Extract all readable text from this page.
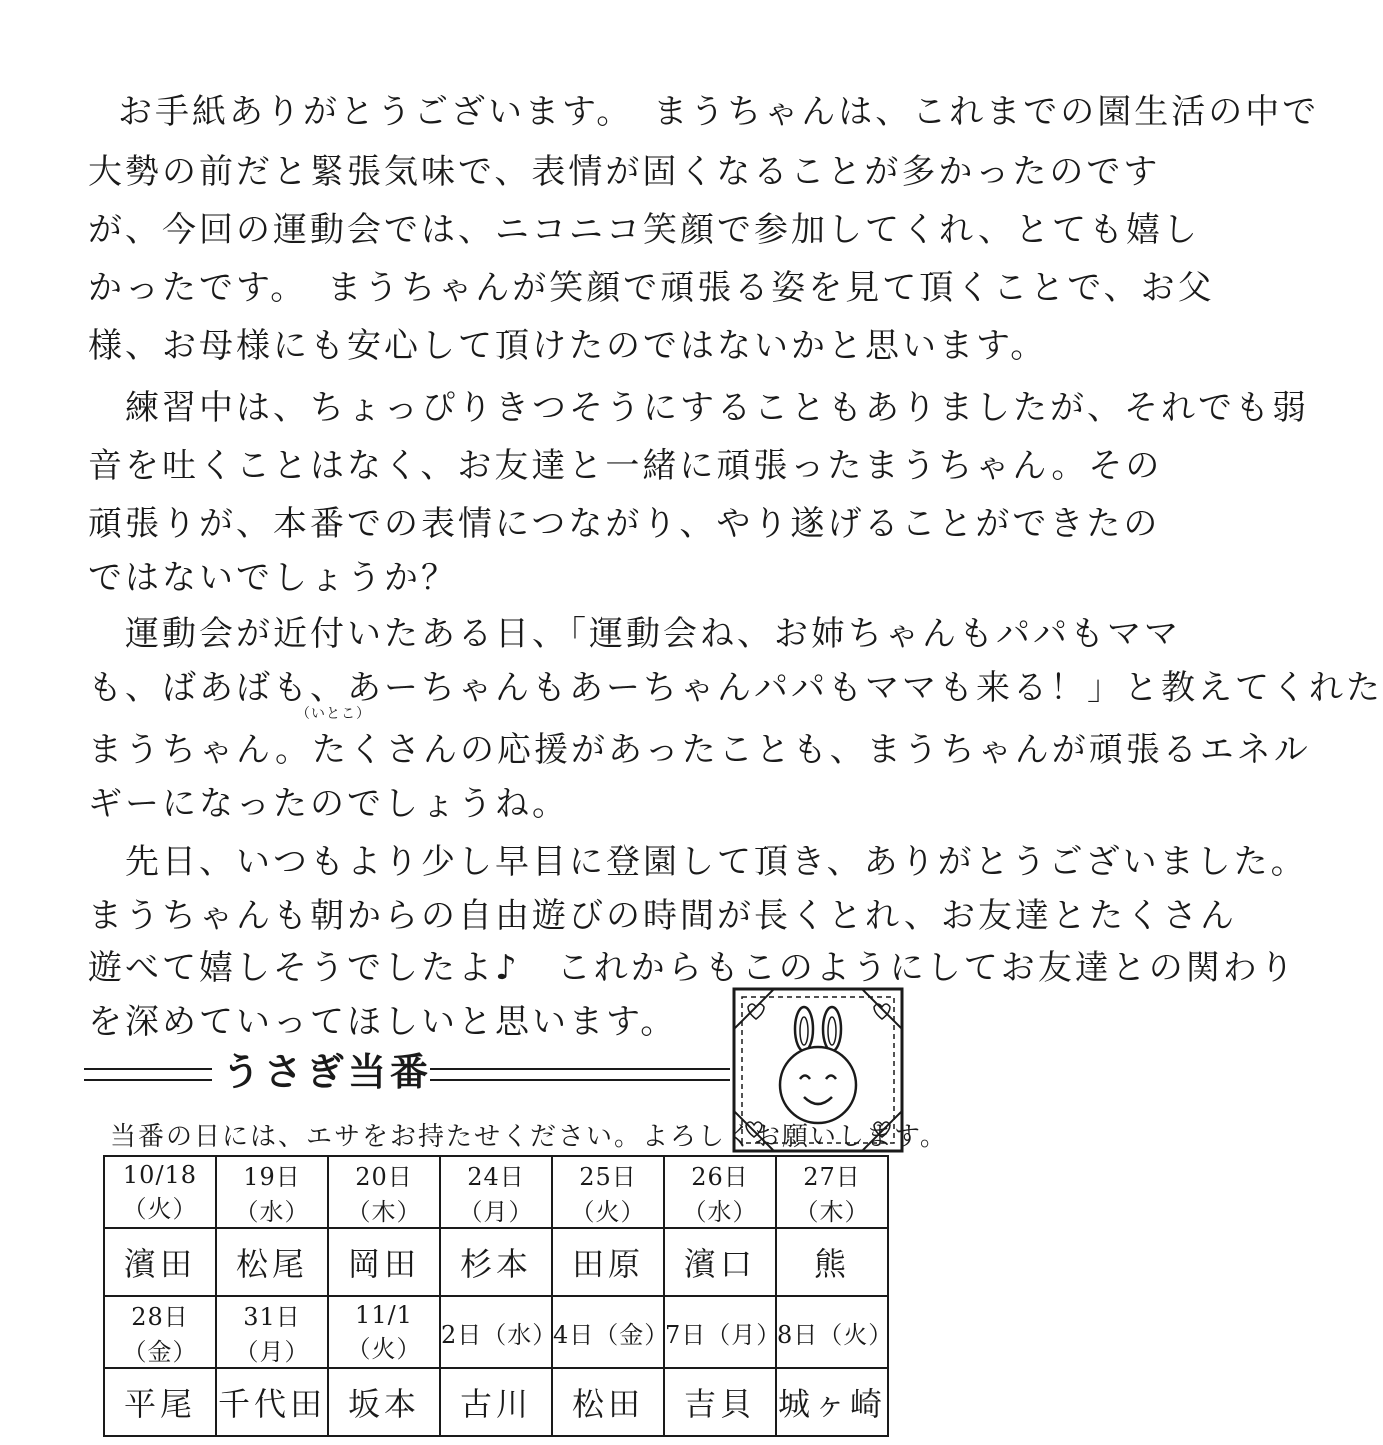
お手紙ありがとうございます。　まうちゃんは、これまでの園生活の中で
大勢の前だと緊張気味で、表情が固くなることが多かったのです
が、今回の運動会では、ニコニコ笑顔で参加してくれ、とても嬉し
かったです。　まうちゃんが笑顔で頑張る姿を見て頂くことで、お父
様、お母様にも安心して頂けたのではないかと思います。
　練習中は、ちょっぴりきつそうにすることもありましたが、それでも弱
音を吐くことはなく、お友達と一緒に頑張ったまうちゃん。その
頑張りが、本番での表情につながり、やり遂げることができたの
ではないでしょうか？
　運動会が近付いたある日、「運動会ね、お姉ちゃんもパパもママ
も、ばあばも、あーちゃんもあーちゃんパパもママも来る！」と教えてくれた
（いとこ）
まうちゃん。たくさんの応援があったことも、まうちゃんが頑張るエネル
ギーになったのでしょうね。
　先日、いつもより少し早目に登園して頂き、ありがとうございました。
まうちゃんも朝からの自由遊びの時間が長くとれ、お友達とたくさん
遊べて嬉しそうでしたよ♪　これからもこのようにしてお友達との関わり
を深めていってほしいと思います。
うさぎ当番
当番の日には、エサをお持たせください。よろしくお願いします。
10/18（火）	19日（水）	20日（木）	24日（月）	25日（火）	26日（水）	27日（木）
濱田	松尾	岡田	杉本	田原	濱口	熊
28日（金）	31日（月）	11/1（火）	2日（水）	4日（金）	7日（月）	8日（火）
平尾	千代田	坂本	古川	松田	吉貝	城ヶ崎
